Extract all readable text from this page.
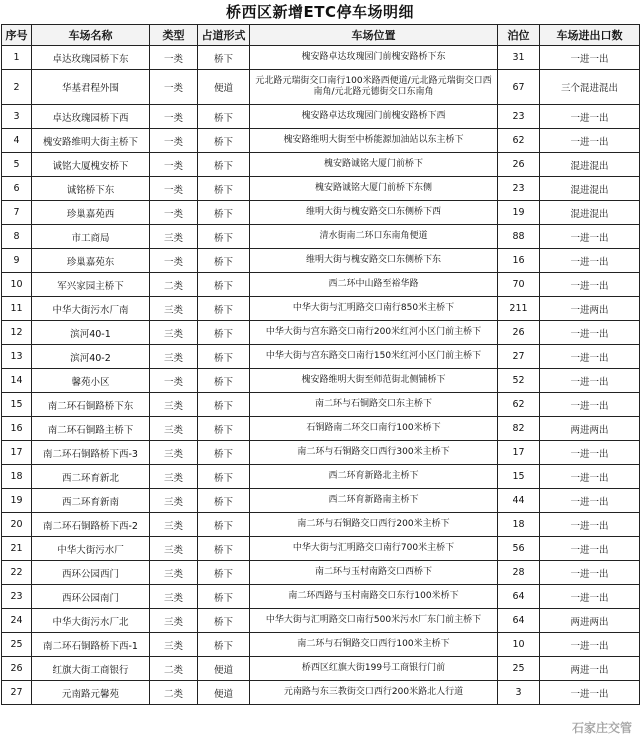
桥西区新增ETC停车场明细
序号	车场名称	类型	占道形式	车场位置	泊位	车场进出口数
1	卓达玫瑰园桥下东	一类	桥下	槐安路卓达玫瑰园门前槐安路桥下东	31	一进一出
2	华基君程外围	一类	便道	元北路元瑞街交口南行100米路西便道/元北路元瑞街交口西南角/元北路元德街交口东南角	67	三个混进混出
3	卓达玫瑰园桥下西	一类	桥下	槐安路卓达玫瑰园门前槐安路桥下西	23	一进一出
4	槐安路维明大街主桥下	一类	桥下	槐安路维明大街至中桥能源加油站以东主桥下	62	一进一出
5	诚铭大厦槐安桥下	一类	桥下	槐安路诚铭大厦门前桥下	26	混进混出
6	诚铭桥下东	一类	桥下	槐安路诚铭大厦门前桥下东侧	23	混进混出
7	珍巢嘉苑西	一类	桥下	维明大街与槐安路交口东侧桥下西	19	混进混出
8	市工商局	三类	桥下	清水街南二环口东南角便道	88	一进一出
9	珍巢嘉苑东	一类	桥下	维明大街与槐安路交口东侧桥下东	16	一进一出
10	军兴家园主桥下	二类	桥下	西二环中山路至裕华路	70	一进一出
11	中华大街污水厂南	三类	桥下	中华大街与汇明路交口南行850米主桥下	211	一进两出
12	滨河40-1	三类	桥下	中华大街与宫东路交口南行200米红河小区门前主桥下	26	一进一出
13	滨河40-2	三类	桥下	中华大街与宫东路交口南行150米红河小区门前主桥下	27	一进一出
14	馨苑小区	一类	桥下	槐安路维明大街至师范街北侧铺桥下	52	一进一出
15	南二环石铜路桥下东	三类	桥下	南二环与石铜路交口东主桥下	62	一进一出
16	南二环石铜路主桥下	三类	桥下	石铜路南二环交口南行100米桥下	82	两进两出
17	南二环石铜路桥下西-3	三类	桥下	南二环与石铜路交口西行300米主桥下	17	一进一出
18	西二环育新北	三类	桥下	西二环育新路北主桥下	15	一进一出
19	西二环育新南	三类	桥下	西二环育新路南主桥下	44	一进一出
20	南二环石铜路桥下西-2	三类	桥下	南二环与石铜路交口西行200米主桥下	18	一进一出
21	中华大街污水厂	三类	桥下	中华大街与汇明路交口南行700米主桥下	56	一进一出
22	西环公园西门	三类	桥下	南二环与玉村南路交口西桥下	28	一进一出
23	西环公园南门	三类	桥下	南二环西路与玉村南路交口东行100米桥下	64	一进一出
24	中华大街污水厂北	三类	桥下	中华大街与汇明路交口南行500米污水厂东门前主桥下	64	两进两出
25	南二环石铜路桥下西-1	三类	桥下	南二环与石铜路交口西行100米主桥下	10	一进一出
26	红旗大街工商银行	二类	便道	桥西区红旗大街199号工商银行门前	25	两进一出
27	元南路元馨苑	二类	便道	元南路与东三教街交口西行200米路北人行道	3	一进一出
石家庄交管
